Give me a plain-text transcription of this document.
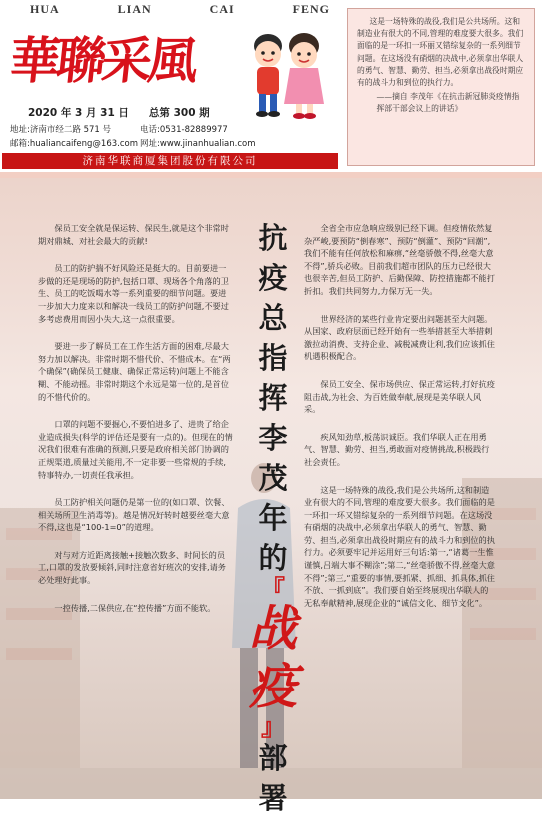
HUA	LIAN	CAI	FENG
華聯采風
2020 年 3 月 31 日 总第 300 期
地址:济南市经二路 571 号	电话:0531-82889977
邮箱:hualiancaifeng@163.com 网址:www.jinanhualian.com
济南华联商厦集团股份有限公司

这是一场特殊的战役,我们是公共场所。这和制造业有很大的不同,管理的难度要大很多。我们面临的是一环扣一环丽又错综复杂的一系列细节问题。在这场没有硝烟的决战中,必须拿出华联人的勇气、智慧、勤劳、担当,必须拿出战役时期应有的战斗力和到位的执行力。

——摘自 李茂年《在抗击新冠肺炎疫情指挥部干部会议上的讲话》

保员工安全就是保运转、保民生,就是这个非常时期对鼎城、对社会最大的贡献!

员工的防护揣不好风险还是挺大的。目前要进一步做的还是现场的防护,包括口罩、现场各个角落的卫生、员工的吃饭喝水等一系列重要的细节问题。要进一步加大力度来以和解决一线员工的防护问题,不要过多考虑费用而因小失大,这一点很重要。

要进一步了解员工在工作生活方面的困难,尽最大努力加以解决。非常时期不惜代价、不惜成本。在“两个确保”(确保员工健康、确保正常运转)问题上不能含糊、不能动摇。非常时期这个永远是第一位的,是首位的不惜代价的。

口罩的问题不要掘心,不要怕进多了、进贵了给企业造成损失(科学的评估还是要有一点的)。但现在的情况我们很难有准确的预测,只要是政府相关部门协调的正规渠道,质量过关能用,不一定非要一些常规的手续,特事特办,一切责任我承担。

员工防护相关问题仍是第一位的(如口罩、饮餐、相关场所卫生消毒等)。越是情况好转时越要丝毫大意不得,这也是“100-1=0”的道理。

对与对方近距离接触+接触次数多、时间长的员工,口罩的发放要倾斜,同时注意省好班次的安排,请务必处理好此事。

一控传播,二保供应,在“控传播”方面不能软。

抗
疫
总
指
挥
李
茂
年
的
『
战
疫
』
部
署

全省全市应急响应级别已经下调。但疫情依然复杂严峻,要预防“倒春寒”、预防“倒灌”、预防“回潮”,我们不能有任何放松和麻痹,“丝毫骄傲不得,丝毫大意不得”,骄兵必败。目前我们超市团队的压力已经很大也很辛苦,但员工防护、后勤保障、防控措施都不能打折扣。我们共同努力,力保万无一失。

世界经济的某些行业肯定要出问题甚至大问题。从国家、政府层面已经开始有一些举措甚至大举措刺激拉动消费、支持企业、减税减费让利,我们应该抓住机遇积极配合。

保员工安全、保市场供应、保正常运转,打好抗疫阻击战,为社会、为百姓做奉献,展现是美华联人风采。

疾风知劲草,板荡识诚臣。我们华联人正在用勇气、智慧、勤劳、担当,勇敢面对疫情挑战,积极践行社会责任。

这是一场特殊的战役,我们是公共场所,这和制造业有很大的不同,管理的难度要大很多。我们面临的是一环扣一环又错综复杂的一系列细节问题。在这场没有硝烟的决战中,必须拿出华联人的勇气、智慧、勤劳、担当,必须拿出战役时期应有的战斗力和到位的执行力。必须要牢记并运用好三句话:第一,“诸葛一生惟谨慎,吕端大事不糊涂”;第二,“丝毫骄傲不得,丝毫大意不得”;第三,“重要的事情,要抓紧、抓细、抓具体,抓住不放、一抓到底”。我们要自始至终展现出华联人的无私奉献精神,展现企业的“诚信文化、细节文化”。
